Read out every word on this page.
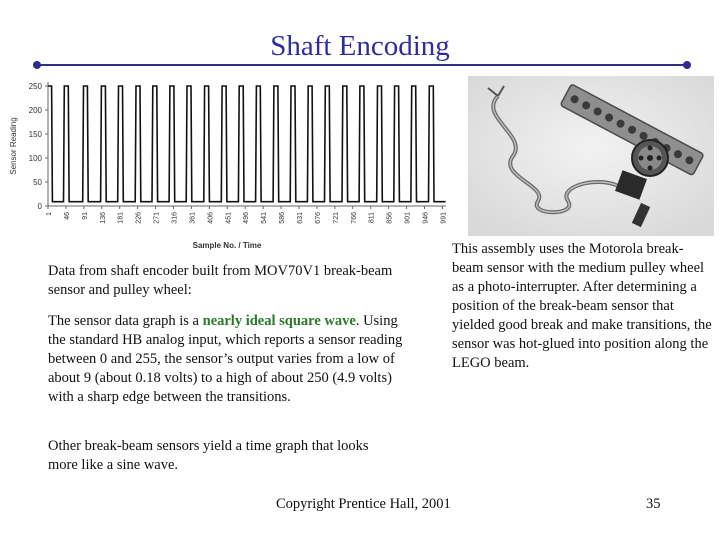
Shaft Encoding
0
50
100
150
200
250
1 46 91 136 181 226 271 316 361 406 451 496 541 586 631 676 721 766 811 856 901 946 991
Sensor Reading
Sample No. / Time
Data from shaft encoder built from MOV70V1 break-beam sensor and pulley wheel:
The sensor data graph is a nearly ideal square wave. Using the standard HB analog input, which reports a sensor reading between 0 and 255, the sensor’s output varies from a low of about 9 (about 0.18 volts) to a high of about 250 (4.9 volts) with a sharp edge between the transitions.
Other break-beam sensors yield a time graph that looks more like a sine wave.
This assembly uses the Motorola break-beam sensor with the medium pulley wheel as a photo-interrupter. After determining a position of the break-beam sensor that yielded good break and make transitions, the sensor was hot-glued into position along the LEGO beam.
Copyright Prentice Hall, 2001	35
